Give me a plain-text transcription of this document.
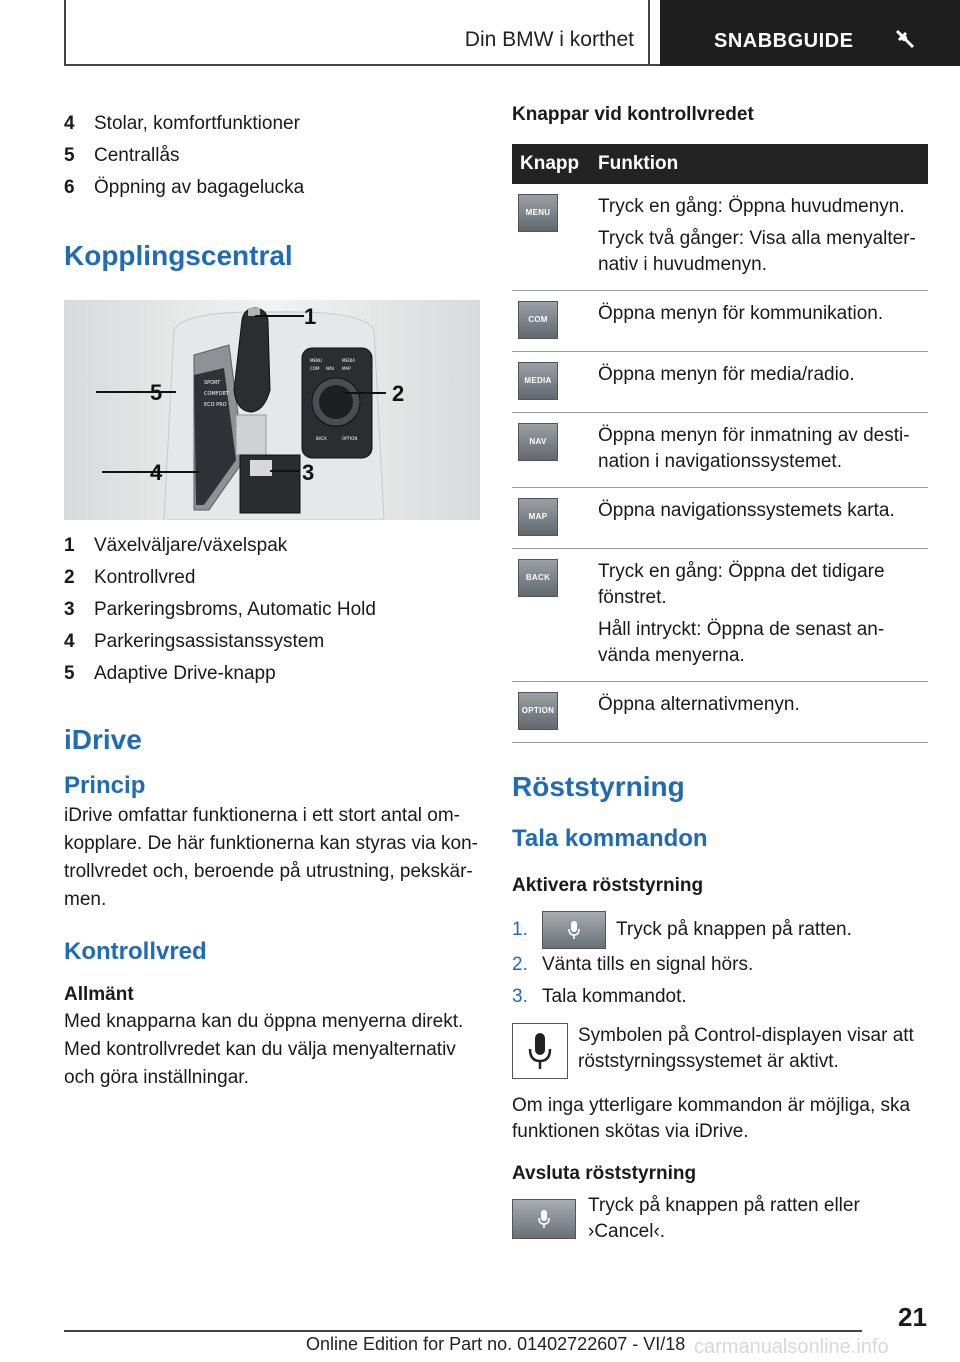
Din BMW i korthet	SNABBGUIDE
4	Stolar, komfortfunktioner
5	Centrallås
6	Öppning av bagagelucka
Kopplingscentral
SPORT
COMFORT
ECO PRO
MENU	MEDIA
NAV MAP
COM
BACK	OPTION
5
4
1
2
3
1	Växelväljare/växelspak
2	Kontrollvred
3	Parkeringsbroms, Automatic Hold
4	Parkeringsassistanssystem
5	Adaptive Drive-knapp
iDrive
Princip

iDrive omfattar funktionerna i ett stort antal om-kopplare. De här funktionerna kan styras via kon-trollvredet och, beroende på utrustning, pekskär-men.

Kontrollvred
Allmänt

Med knapparna kan du öppna menyerna direkt. Med kontrollvredet kan du välja menyalternativ och göra inställningar.

Knappar vid kontrollvredet
Knapp	Funktion

MENU	Tryck en gång: Öppna huvudmenyn.
Tryck två gånger: Visa alla menyalter-nativ i huvudmenyn.

COM	Öppna menyn för kommunikation.

MEDIA	Öppna menyn för media/radio.

NAV	Öppna menyn för inmatning av desti-nation i navigationssystemet.

MAP	Öppna navigationssystemets karta.

BACK	Tryck en gång: Öppna det tidigare fönstret.
Håll intryckt: Öppna de senast an-vända menyerna.

OPTION	Öppna alternativmenyn.
Röststyrning
Tala kommandon
Aktivera röststyrning
1.	Tryck på knappen på ratten.
2. Vänta tills en signal hörs.
3. Tala kommandot.

Symbolen på Control-displayen visar att röststyrningssystemet är aktivt.

Om inga ytterligare kommandon är möjliga, ska funktionen skötas via iDrive.

Avsluta röststyrning

Tryck på knappen på ratten eller ›Cancel‹.

21
Online Edition for Part no. 01402722607 - VI/18 carmanualsonline.info
